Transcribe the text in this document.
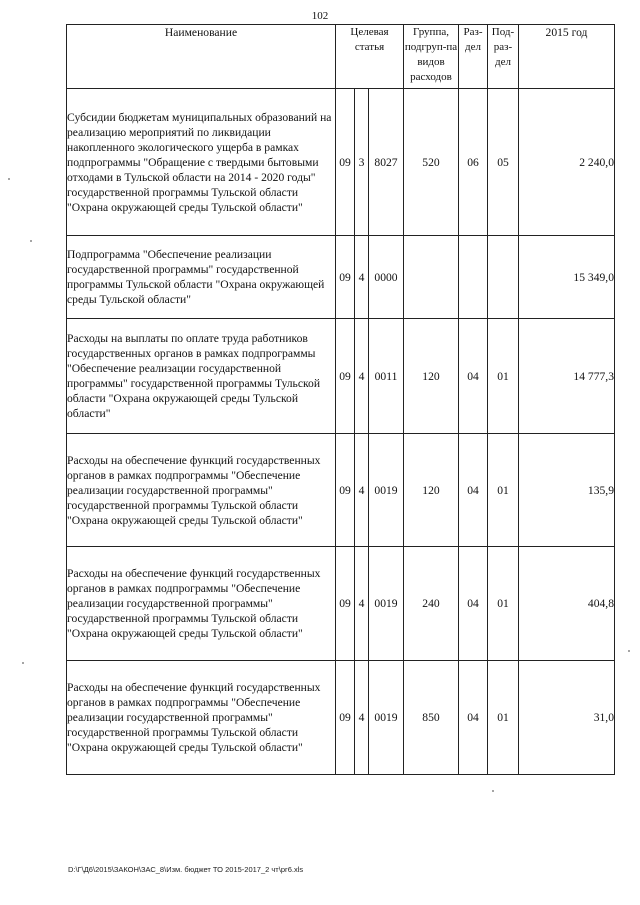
102
Наименование	Целевая статья			Группа, подгруп-па видов расходов	Раз-дел	Под-раз-дел	2015 год
Субсидии бюджетам муниципальных образований на реализацию мероприятий по ликвидации накопленного экологического ущерба в рамках подпрограммы "Обращение с твердыми бытовыми отходами в Тульской области на 2014 - 2020 годы" государственной программы Тульской области "Охрана окружающей среды Тульской области"	09	3	8027	520	06	05	2 240,0
Подпрограмма "Обеспечение реализации государственной программы" государственной программы Тульской области "Охрана окружающей среды Тульской области"	09	4	0000				15 349,0
Расходы на выплаты по оплате труда работников государственных органов в рамках подпрограммы "Обеспечение реализации государственной программы" государственной программы Тульской области "Охрана окружающей среды Тульской области"	09	4	0011	120	04	01	14 777,3
Расходы на обеспечение функций государственных органов в рамках подпрограммы "Обеспечение реализации государственной программы" государственной программы Тульской области "Охрана окружающей среды Тульской области"	09	4	0019	120	04	01	135,9
Расходы на обеспечение функций государственных органов в рамках подпрограммы "Обеспечение реализации государственной программы" государственной программы Тульской области "Охрана окружающей среды Тульской области"	09	4	0019	240	04	01	404,8
Расходы на обеспечение функций государственных органов в рамках подпрограммы "Обеспечение реализации государственной программы" государственной программы Тульской области "Охрана окружающей среды Тульской области"	09	4	0019	850	04	01	31,0
D:\Г\Д6\2015\ЗАКОН\ЗАС_8\Изм. бюджет ТО 2015-2017_2 чт\рг6.xls
